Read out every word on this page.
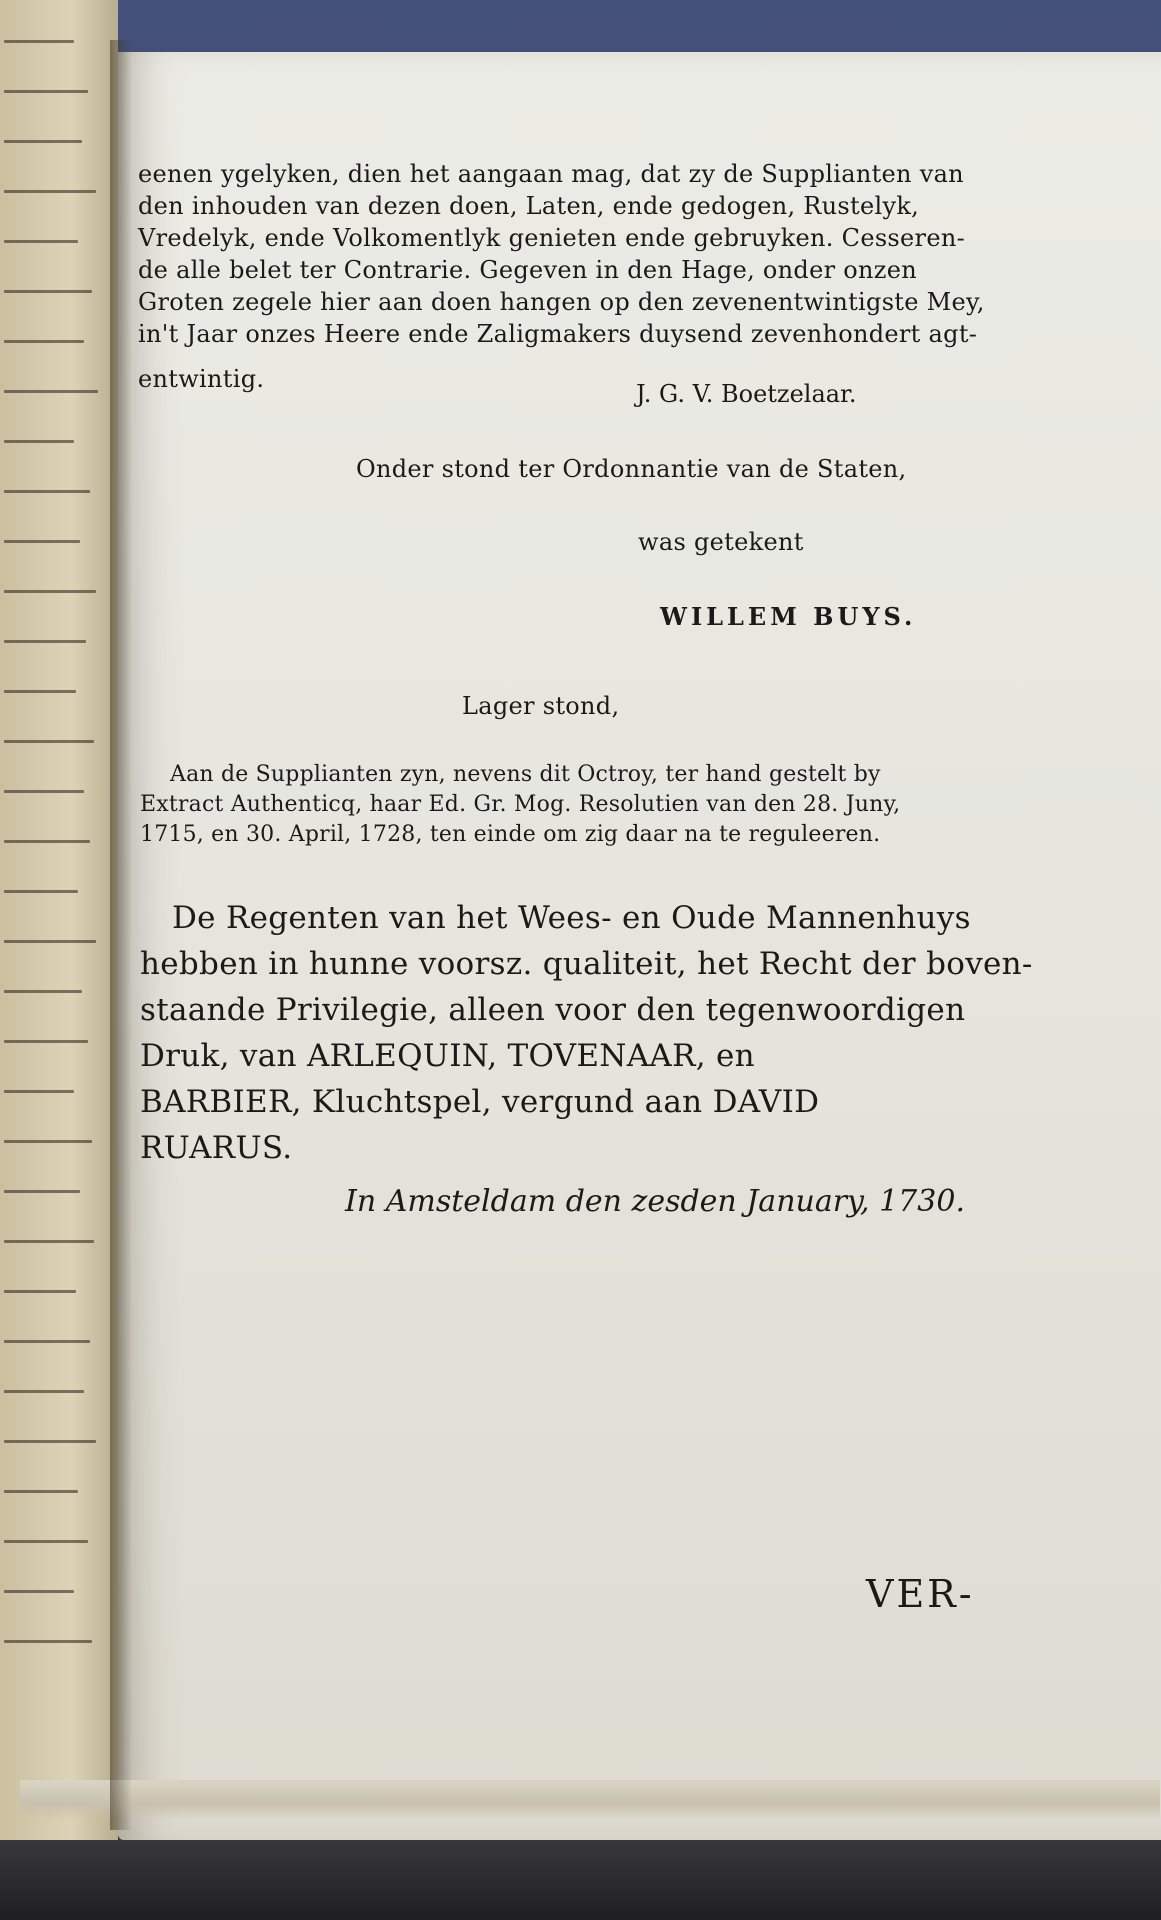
eenen ygelyken, dien het aangaan mag, dat zy de Supplianten van
den inhouden van dezen doen, Laten, ende gedogen, Rustelyk,
Vredelyk, ende Volkomentlyk genieten ende gebruyken. Cesseren-
de alle belet ter Contrarie. Gegeven in den Hage, onder onzen
Groten zegele hier aan doen hangen op den zevenentwintigste Mey,
in't Jaar onzes Heere ende Zaligmakers duysend zevenhondert agt-
entwintig.
J. G. V. Boetzelaar.
Onder stond ter Ordonnantie van de Staten,
was getekent
WILLEM BUYS.
Lager stond,
Aan de Supplianten zyn, nevens dit Octroy, ter hand gestelt by
Extract Authenticq, haar Ed. Gr. Mog. Resolutien van den 28. Juny,
1715, en 30. April, 1728, ten einde om zig daar na te reguleeren.
De Regenten van het Wees- en Oude Mannenhuys
hebben in hunne voorsz. qualiteit, het Recht der boven-
staande Privilegie, alleen voor den tegenwoordigen
Druk, van ARLEQUIN, TOVENAAR, en
BARBIER, Kluchtspel, vergund aan DAVID
RUARUS.
In Amsteldam den zesden January, 1730.
VER-
